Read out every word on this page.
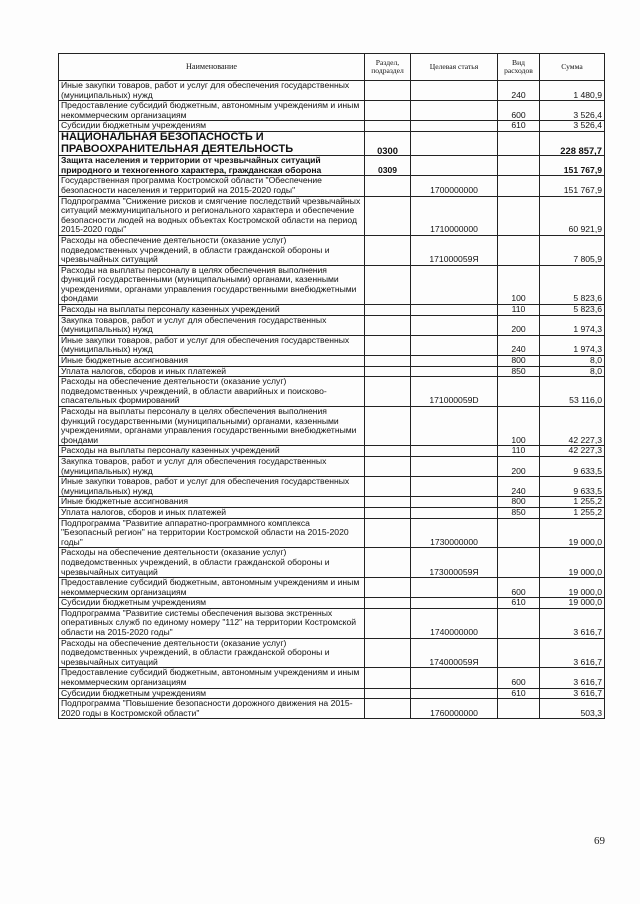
Наименование	Раздел, подраздел	Целевая статья	Вид расходов	Сумма
Иные закупки товаров, работ и услуг для обеспечения государственных (муниципальных) нужд			240	1 480,9
Предоставление субсидий бюджетным, автономным учреждениям и иным некоммерческим организациям			600	3 526,4
Субсидии бюджетным учреждениям			610	3 526,4
НАЦИОНАЛЬНАЯ БЕЗОПАСНОСТЬ И ПРАВООХРАНИТЕЛЬНАЯ ДЕЯТЕЛЬНОСТЬ	0300			228 857,7
Защита населения и территории от чрезвычайных ситуаций природного и техногенного характера, гражданская оборона	0309			151 767,9
Государственная программа Костромской области "Обеспечение безопасности населения и территорий на 2015-2020 годы"		1700000000		151 767,9
Подпрограмма "Снижение рисков и смягчение последствий чрезвычайных ситуаций межмуниципального и регионального характера и обеспечение безопасности людей на водных объектах Костромской области на период 2015-2020 годы"		1710000000		60 921,9
Расходы на обеспечение деятельности (оказание услуг) подведомственных учреждений, в области гражданской обороны и чрезвычайных ситуаций		171000059Я		7 805,9
Расходы на выплаты персоналу в целях обеспечения выполнения функций государственными (муниципальными) органами, казенными учреждениями, органами управления государственными внебюджетными фондами			100	5 823,6
Расходы на выплаты персоналу казенных учреждений			110	5 823,6
Закупка товаров, работ и услуг для обеспечения государственных (муниципальных) нужд			200	1 974,3
Иные закупки товаров, работ и услуг для обеспечения государственных (муниципальных) нужд			240	1 974,3
Иные бюджетные ассигнования			800	8,0
Уплата налогов, сборов и иных платежей			850	8,0
Расходы на обеспечение деятельности (оказание услуг) подведомственных учреждений, в области аварийных и поисково-спасательных формирований		171000059D		53 116,0
Расходы на выплаты персоналу в целях обеспечения выполнения функций государственными (муниципальными) органами, казенными учреждениями, органами управления государственными внебюджетными фондами			100	42 227,3
Расходы на выплаты персоналу казенных учреждений			110	42 227,3
Закупка товаров, работ и услуг для обеспечения государственных (муниципальных) нужд			200	9 633,5
Иные закупки товаров, работ и услуг для обеспечения государственных (муниципальных) нужд			240	9 633,5
Иные бюджетные ассигнования			800	1 255,2
Уплата налогов, сборов и иных платежей			850	1 255,2
Подпрограмма "Развитие аппаратно-программного комплекса "Безопасный регион" на территории Костромской области на 2015-2020 годы"		1730000000		19 000,0
Расходы на обеспечение деятельности (оказание услуг) подведомственных учреждений, в области гражданской обороны и чрезвычайных ситуаций		173000059Я		19 000,0
Предоставление субсидий бюджетным, автономным учреждениям и иным некоммерческим организациям			600	19 000,0
Субсидии бюджетным учреждениям			610	19 000,0
Подпрограмма "Развитие системы обеспечения вызова экстренных оперативных служб по единому номеру "112" на территории Костромской области на 2015-2020 годы"		1740000000		3 616,7
Расходы на обеспечение деятельности (оказание услуг) подведомственных учреждений, в области гражданской обороны и чрезвычайных ситуаций		174000059Я		3 616,7
Предоставление субсидий бюджетным, автономным учреждениям и иным некоммерческим организациям			600	3 616,7
Субсидии бюджетным учреждениям			610	3 616,7
Подпрограмма "Повышение безопасности дорожного движения на 2015-2020 годы в Костромской области"		1760000000		503,3
69
